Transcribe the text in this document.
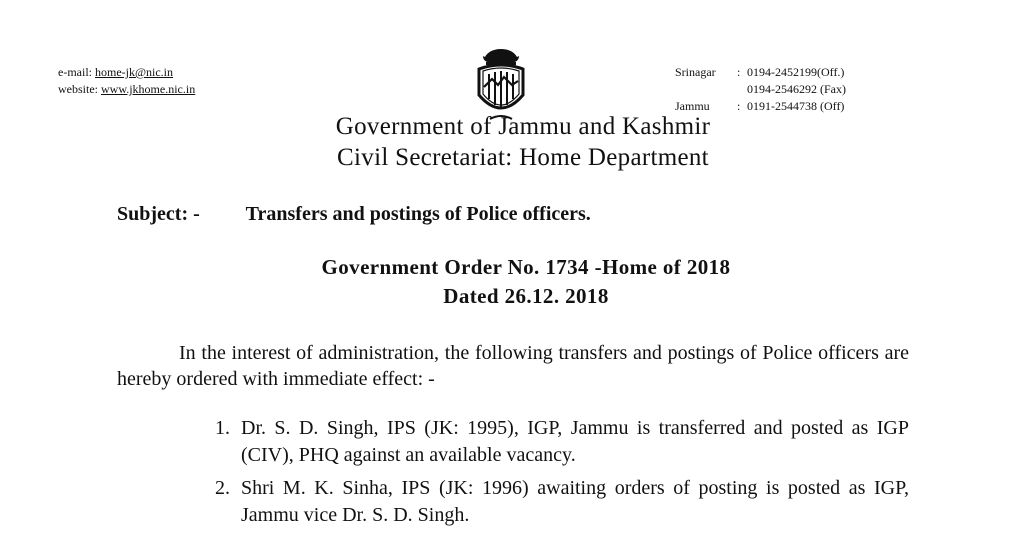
e-mail: home-jk@nic.in
website: www.jkhome.nic.in
Srinagar	: 0194-2452199(Off.)
0194-2546292 (Fax)
Jammu	: 0191-2544738 (Off)
Government of Jammu and Kashmir
Civil Secretariat: Home Department
Subject: - Transfers and postings of Police officers.
Government Order No. 1734 -Home of 2018
Dated 26.12. 2018
In the interest of administration, the following transfers and postings of Police officers are hereby ordered with immediate effect: -
1. Dr. S. D. Singh, IPS (JK: 1995), IGP, Jammu is transferred and posted as IGP (CIV), PHQ against an available vacancy.
2. Shri M. K. Sinha, IPS (JK: 1996) awaiting orders of posting is posted as IGP, Jammu vice Dr. S. D. Singh.
